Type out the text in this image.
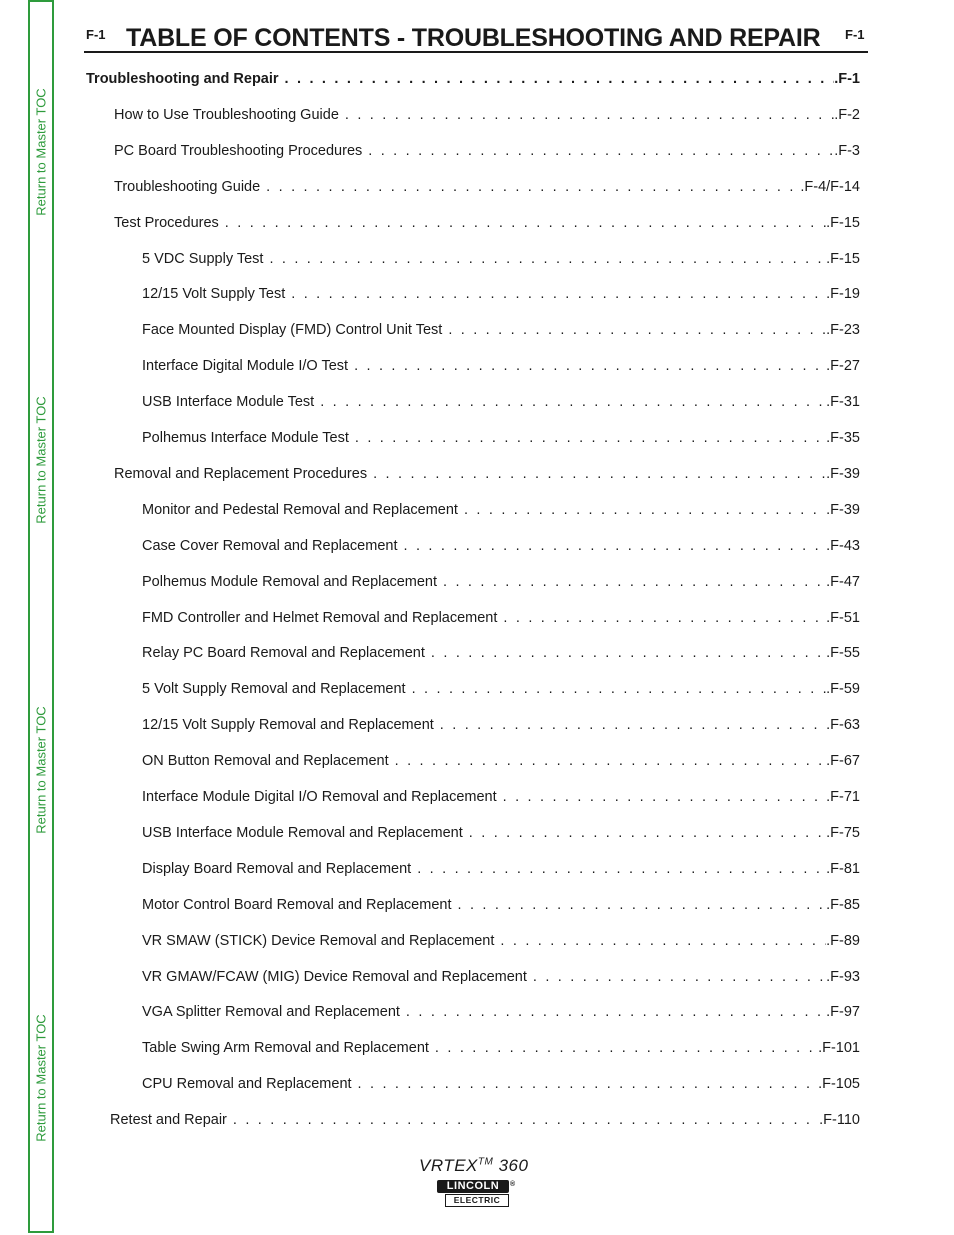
Return to Master TOC
Return to Master TOC
Return to Master TOC
Return to Master TOC
F-1 TABLE OF CONTENTS - TROUBLESHOOTING AND REPAIR	F-1
Troubleshooting and Repair . . .	.F-1
How to Use Troubleshooting Guide . . .	.F-2
PC Board Troubleshooting Procedures . . .	.F-3
Troubleshooting Guide . . .	.F-4/F-14
Test Procedures . . .	.F-15
5 VDC Supply Test . . .	.F-15
12/15 Volt Supply Test . . .	.F-19
Face Mounted Display (FMD) Control Unit Test . . .	.F-23
Interface Digital Module I/O Test . . .	.F-27
USB Interface Module Test . . .	.F-31
Polhemus Interface Module Test . . .	.F-35
Removal and Replacement Procedures . . .	.F-39
Monitor and Pedestal Removal and Replacement . . .	.F-39
Case Cover Removal and Replacement . . .	.F-43
Polhemus Module Removal and Replacement . . .	.F-47
FMD Controller and Helmet Removal and Replacement . . .	.F-51
Relay PC Board Removal and Replacement . . .	.F-55
5 Volt Supply Removal and Replacement . . .	.F-59
12/15 Volt Supply Removal and Replacement . . .	.F-63
ON Button Removal and Replacement . . .	.F-67
Interface Module Digital I/O Removal and Replacement . . .	.F-71
USB Interface Module Removal and Replacement . . .	.F-75
Display Board Removal and Replacement . . .	.F-81
Motor Control Board Removal and Replacement . . .	.F-85
VR SMAW (STICK) Device Removal and Replacement . . .	.F-89
VR GMAW/FCAW (MIG) Device Removal and Replacement . . .	.F-93
VGA Splitter Removal and Replacement . . .	.F-97
Table Swing Arm Removal and Replacement . . .	.F-101
CPU Removal and Replacement . . .	.F-105
Retest and Repair . . .	.F-110
VRTEX™ 360
LINCOLN	®
ELECTRIC
